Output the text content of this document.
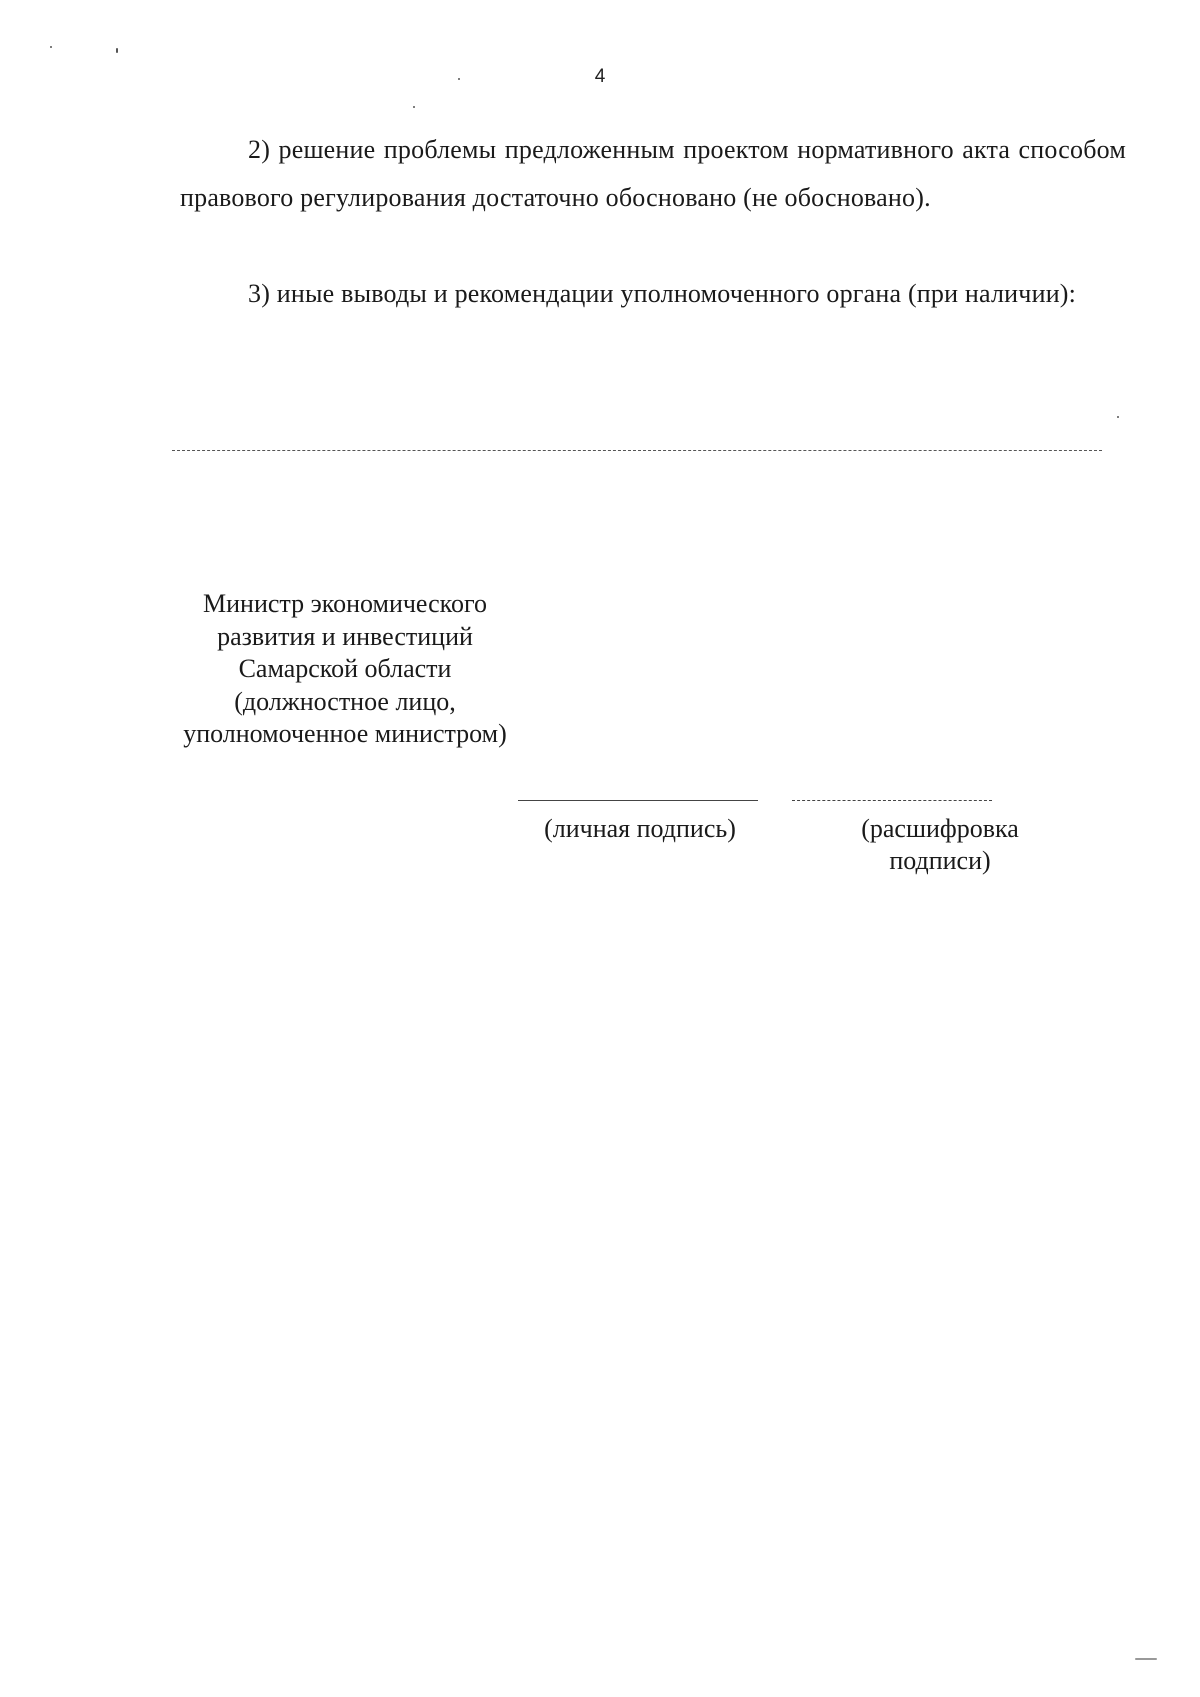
4

2) решение проблемы предложенным проектом нормативного акта способом правового регулирования достаточно обосновано (не обосновано).

3) иные выводы и рекомендации уполномоченного органа (при наличии):

Министр экономического развития и инвестиций Самарской области (должностное лицо, уполномоченное министром)
(личная подпись)	(расшифровка подписи)
